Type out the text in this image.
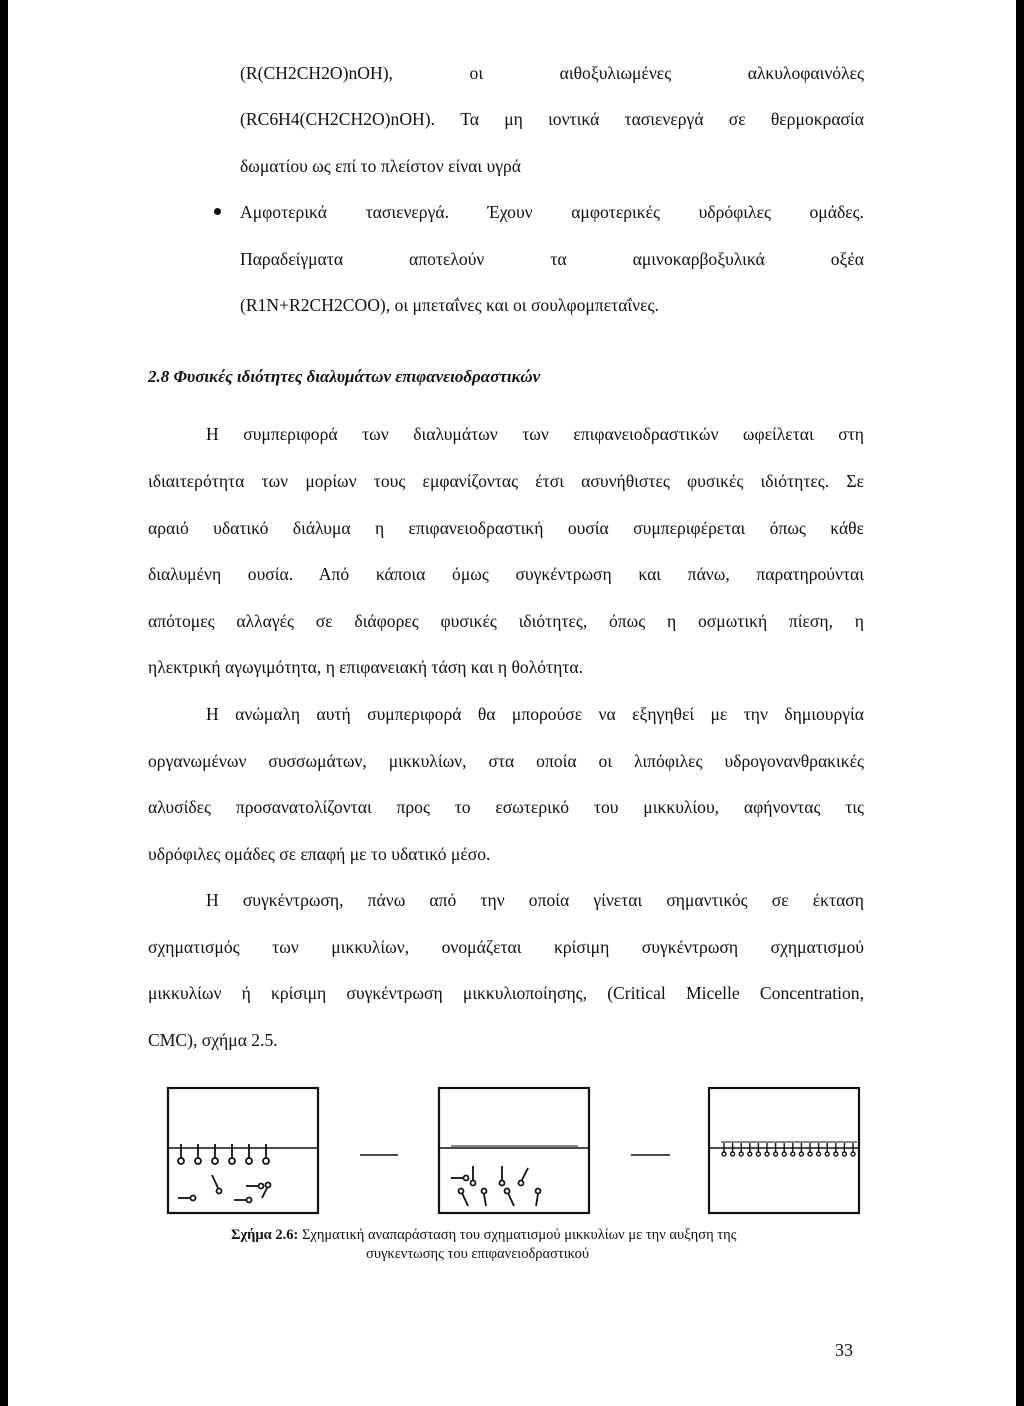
(R(CH2CH2O)nOH), οι αιθοξυλιωμένες αλκυλοφαινόλες
(RC6H4(CH2CH2O)nOH). Τα μη ιοντικά τασιενεργά σε θερμοκρασία
δωματίου ως επί το πλείστον είναι υγρά
Αμφοτερικά τασιενεργά. Έχουν αμφοτερικές υδρόφιλες ομάδες.
Παραδείγματα αποτελούν τα αμινοκαρβοξυλικά οξέα
(R1N+R2CH2COO), οι μπεταΐνες και οι σουλφομπεταΐνες.
2.8 Φυσικές ιδιότητες διαλυμάτων επιφανειοδραστικών
Η συμπεριφορά των διαλυμάτων των επιφανειοδραστικών ωφείλεται στη
ιδιαιτερότητα των μορίων τους εμφανίζοντας έτσι ασυνήθιστες φυσικές ιδιότητες. Σε
αραιό υδατικό διάλυμα η επιφανειοδραστική ουσία συμπεριφέρεται όπως κάθε
διαλυμένη ουσία. Από κάποια όμως συγκέντρωση και πάνω, παρατηρούνται
απότομες αλλαγές σε διάφορες φυσικές ιδιότητες, όπως η οσμωτική πίεση, η
ηλεκτρική αγωγιμότητα, η επιφανειακή τάση και η θολότητα.
Η ανώμαλη αυτή συμπεριφορά θα μπορούσε να εξηγηθεί με την δημιουργία
οργανωμένων συσσωμάτων, μικκυλίων, στα οποία οι λιπόφιλες υδρογονανθρακικές
αλυσίδες προσανατολίζονται προς το εσωτερικό του μικκυλίου, αφήνοντας τις
υδρόφιλες ομάδες σε επαφή με το υδατικό μέσο.
Η συγκέντρωση, πάνω από την οποία γίνεται σημαντικός σε έκταση
σχηματισμός των μικκυλίων, ονομάζεται κρίσιμη συγκέντρωση σχηματισμού
μικκυλίων ή κρίσιμη συγκέντρωση μικκυλιοποίησης, (Critical Micelle Concentration,
CMC), σχήμα 2.5.
Σχήμα 2.6: Σχηματική αναπαράσταση του σχηματισμού μικκυλίων με την αυξηση της
συγκεντωσης του επιφανειοδραστικού
33
